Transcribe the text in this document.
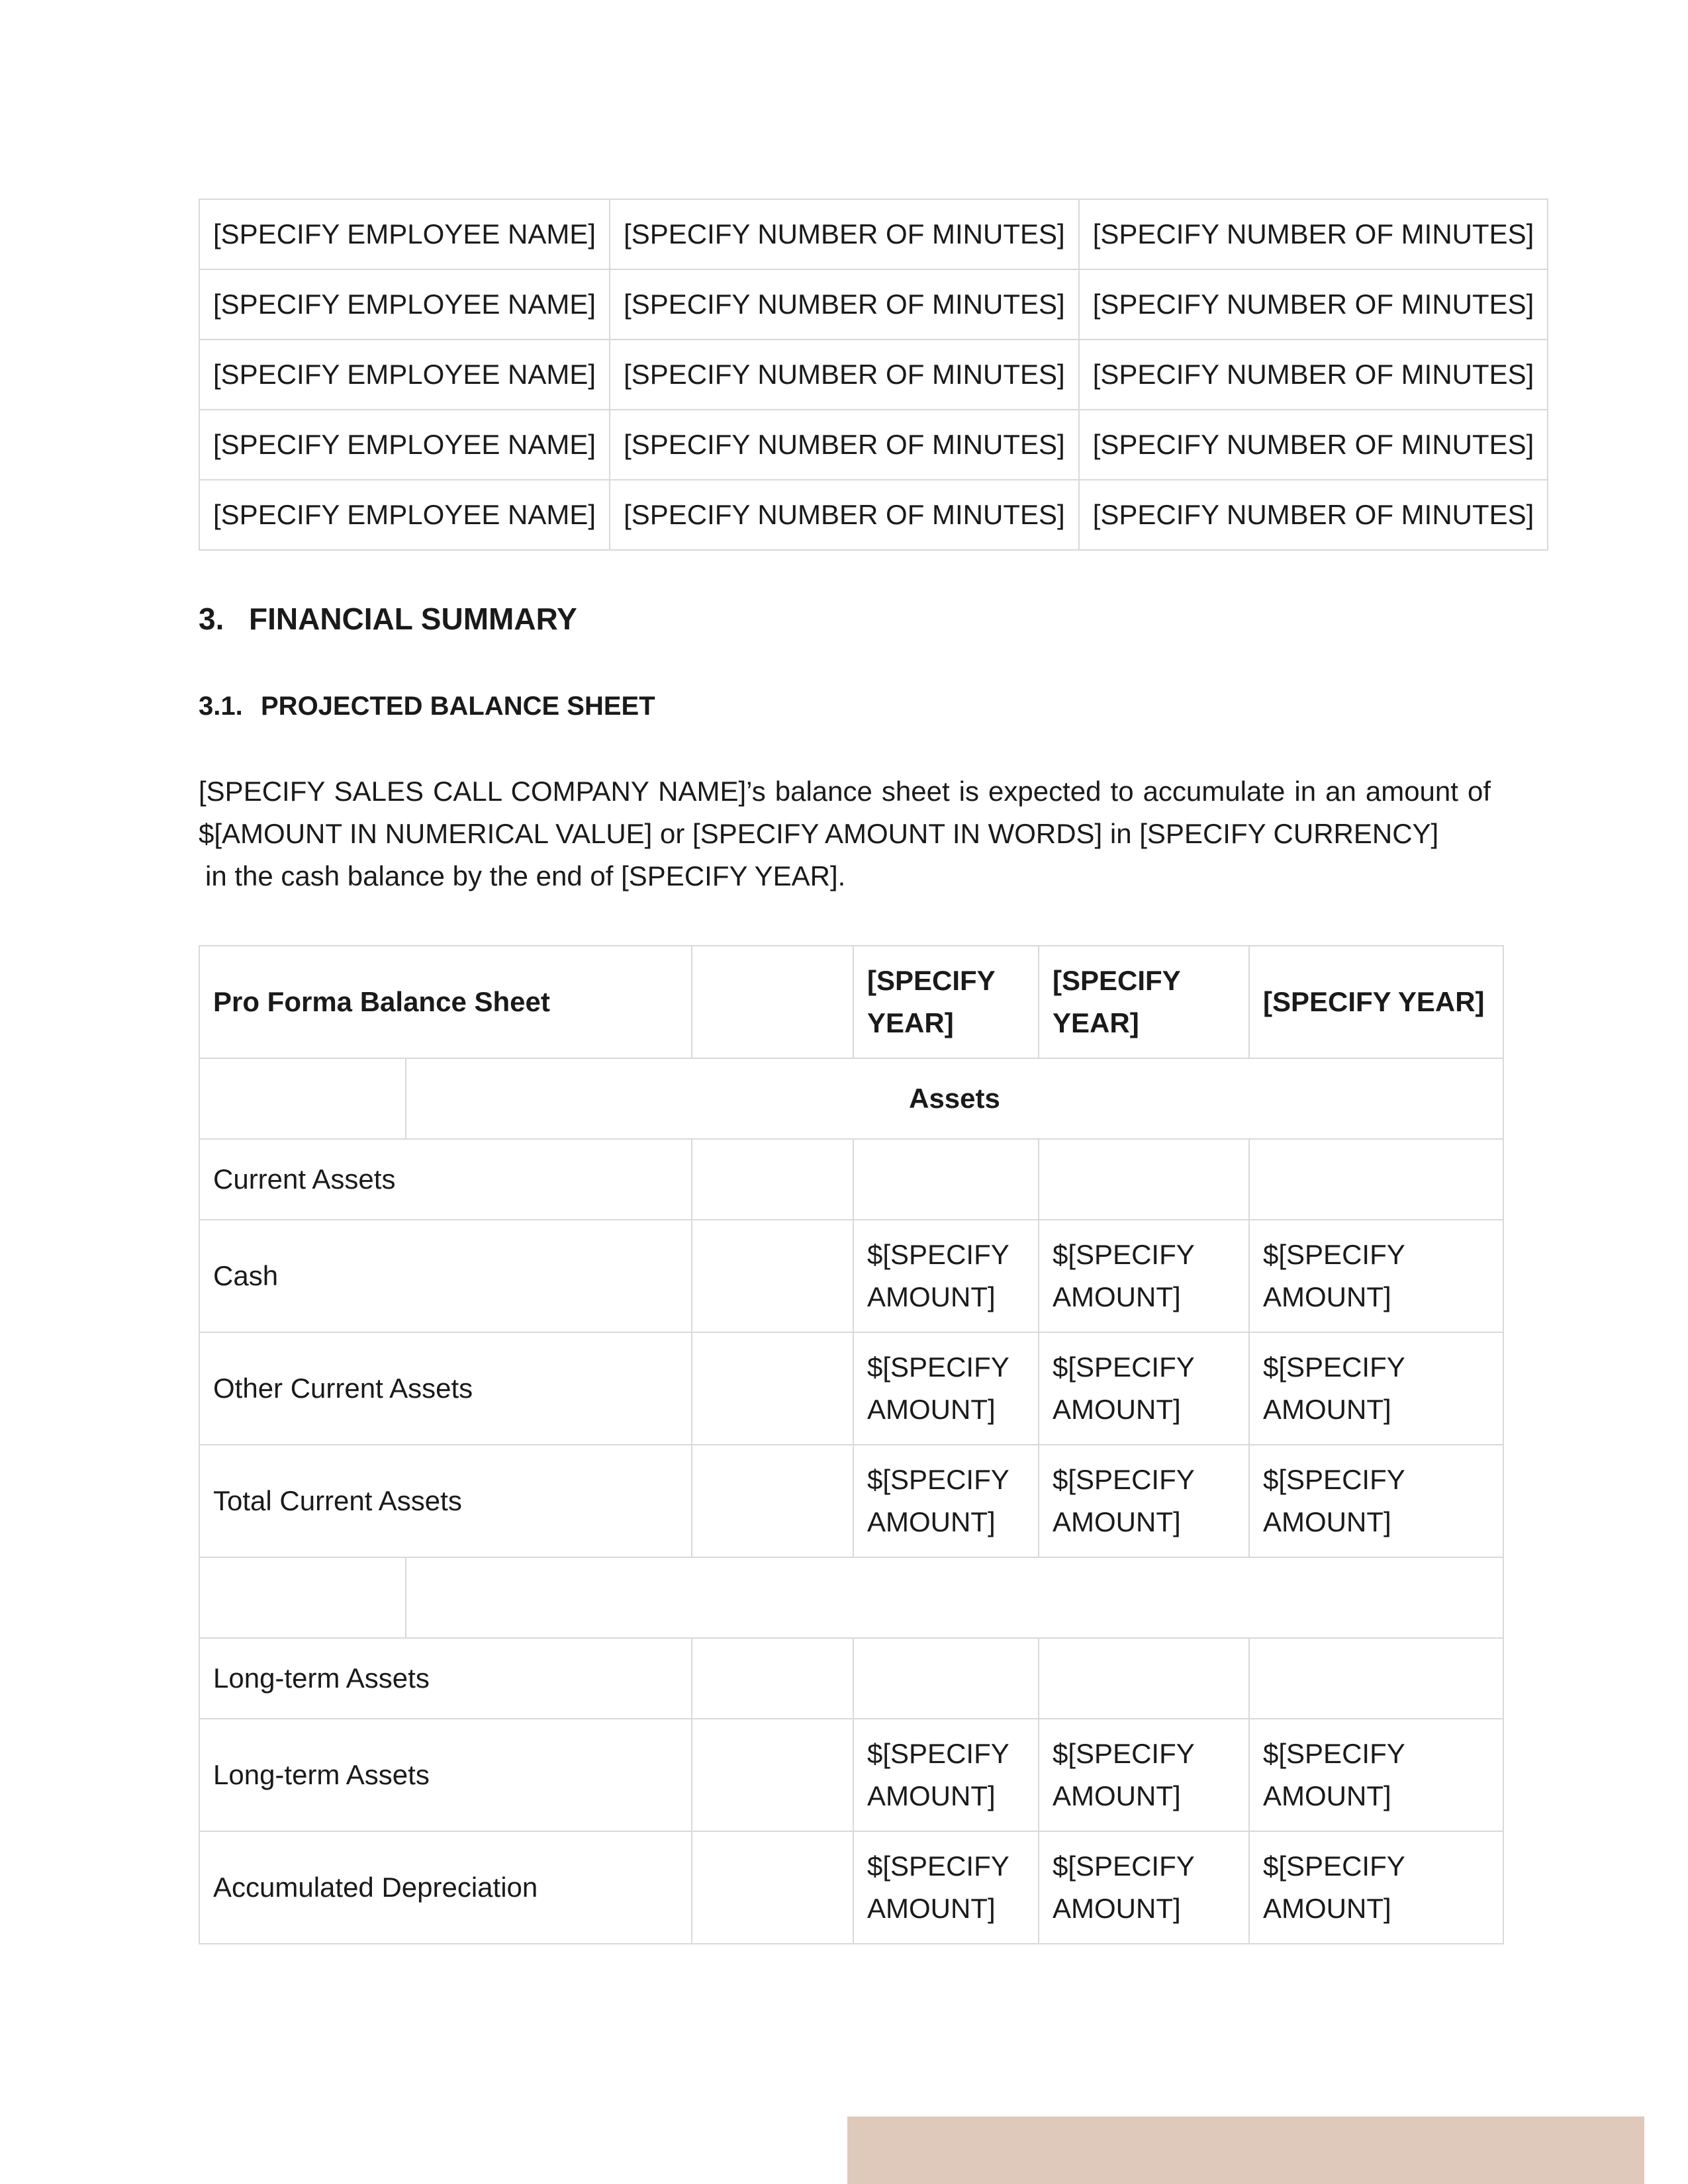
[SPECIFY EMPLOYEE NAME]	[SPECIFY NUMBER OF MINUTES]	[SPECIFY NUMBER OF MINUTES]
[SPECIFY EMPLOYEE NAME]	[SPECIFY NUMBER OF MINUTES]	[SPECIFY NUMBER OF MINUTES]
[SPECIFY EMPLOYEE NAME]	[SPECIFY NUMBER OF MINUTES]	[SPECIFY NUMBER OF MINUTES]
[SPECIFY EMPLOYEE NAME]	[SPECIFY NUMBER OF MINUTES]	[SPECIFY NUMBER OF MINUTES]
[SPECIFY EMPLOYEE NAME]	[SPECIFY NUMBER OF MINUTES]	[SPECIFY NUMBER OF MINUTES]
3. FINANCIAL SUMMARY
3.1. PROJECTED BALANCE SHEET

[SPECIFY SALES CALL COMPANY NAME]’s balance sheet is expected to accumulate in an amount of
$[AMOUNT IN NUMERICAL VALUE] or [SPECIFY AMOUNT IN WORDS] in [SPECIFY CURRENCY]
in the cash balance by the end of [SPECIFY YEAR].

Pro Forma Balance Sheet			[SPECIFY YEAR]	[SPECIFY YEAR]	[SPECIFY YEAR]
	Assets				
Current Assets					
Cash			$[SPECIFY AMOUNT]	$[SPECIFY AMOUNT]	$[SPECIFY AMOUNT]
Other Current Assets			$[SPECIFY AMOUNT]	$[SPECIFY AMOUNT]	$[SPECIFY AMOUNT]
Total Current Assets			$[SPECIFY AMOUNT]	$[SPECIFY AMOUNT]	$[SPECIFY AMOUNT]

Long-term Assets					
Long-term Assets			$[SPECIFY AMOUNT]	$[SPECIFY AMOUNT]	$[SPECIFY AMOUNT]
Accumulated Depreciation			$[SPECIFY AMOUNT]	$[SPECIFY AMOUNT]	$[SPECIFY AMOUNT]
